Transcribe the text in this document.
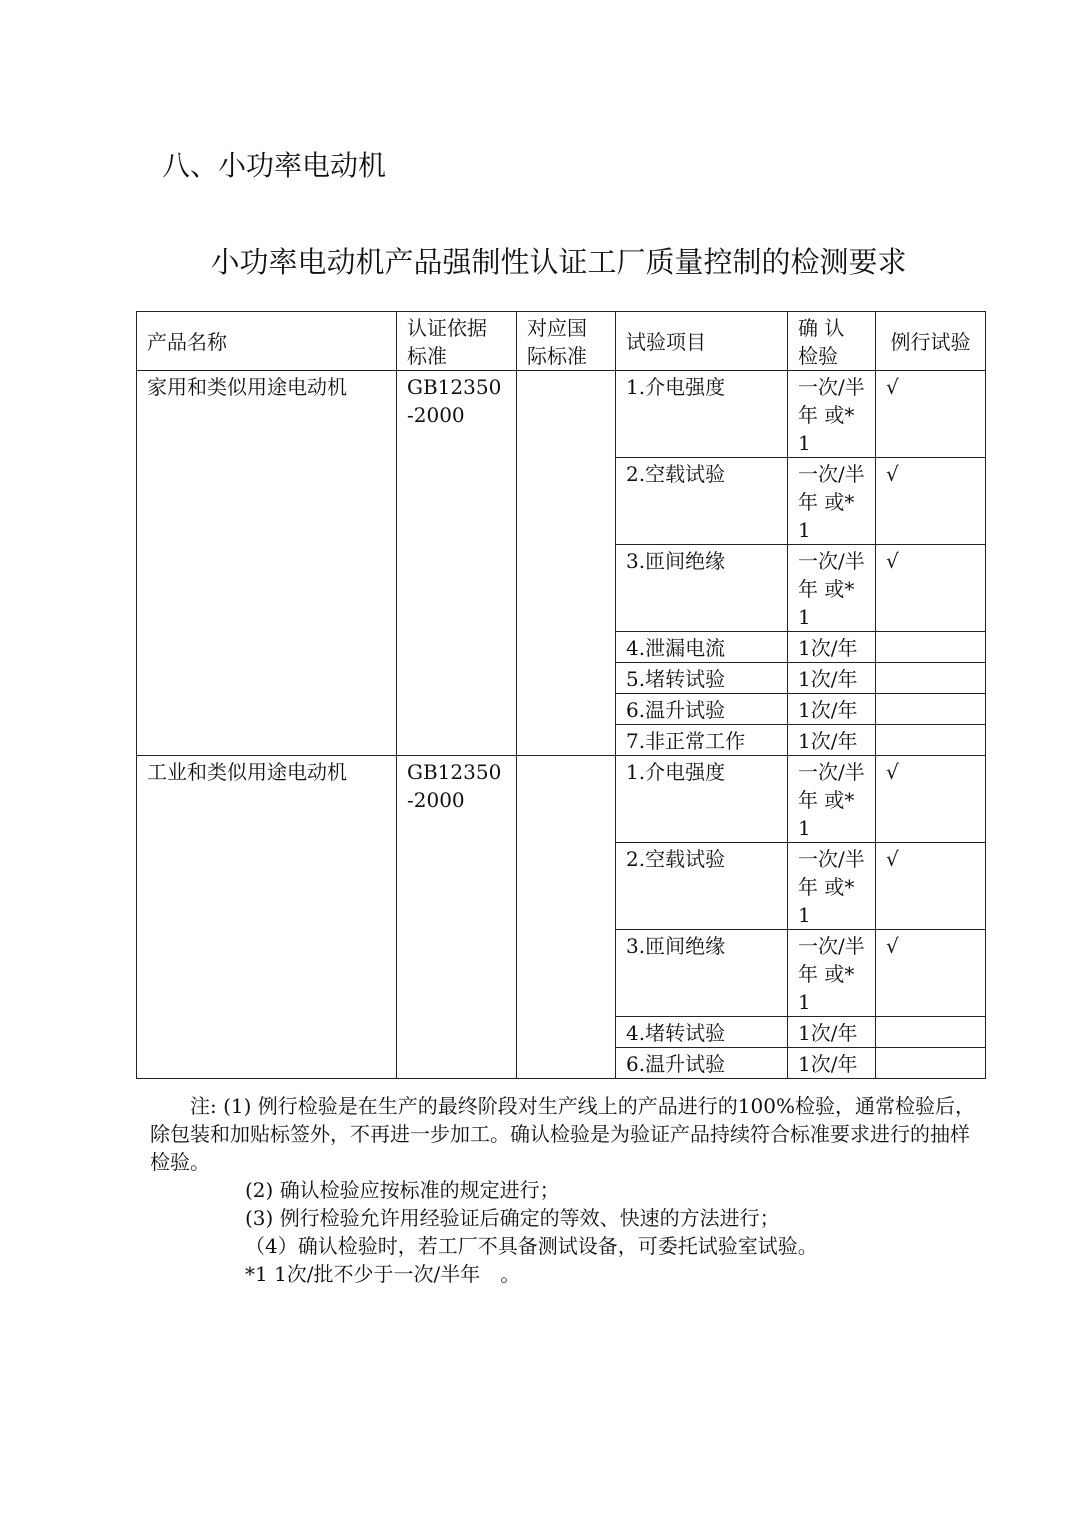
八、小功率电动机
小功率电动机产品强制性认证工厂质量控制的检测要求
产品名称	认证依据标准	对应国际标准	试验项目	确 认 检验	例行试验
家用和类似用途电动机	GB12350-2000		1.介电强度	一次/半 年 或*1	√
			2.空载试验	一次/半 年 或*1	√
			3.匝间绝缘	一次/半 年 或*1	√
			4.泄漏电流	1次/年	
			5.堵转试验	1次/年	
			6.温升试验	1次/年	
			7.非正常工作	1次/年	
工业和类似用途电动机	GB12350-2000		1.介电强度	一次/半 年 或*1	√
			2.空载试验	一次/半 年 或*1	√
			3.匝间绝缘	一次/半 年 或*1	√
			4.堵转试验	1次/年	
			6.温升试验	1次/年	

注: (1) 例行检验是在生产的最终阶段对生产线上的产品进行的100%检验，通常检验后，除包装和加贴标签外，不再进一步加工。确认检验是为验证产品持续符合标准要求进行的抽样检验。

(2) 确认检验应按标准的规定进行；

(3) 例行检验允许用经验证后确定的等效、快速的方法进行；

（4）确认检验时，若工厂不具备测试设备，可委托试验室试验。

*1 1次/批不少于一次/半年　。
